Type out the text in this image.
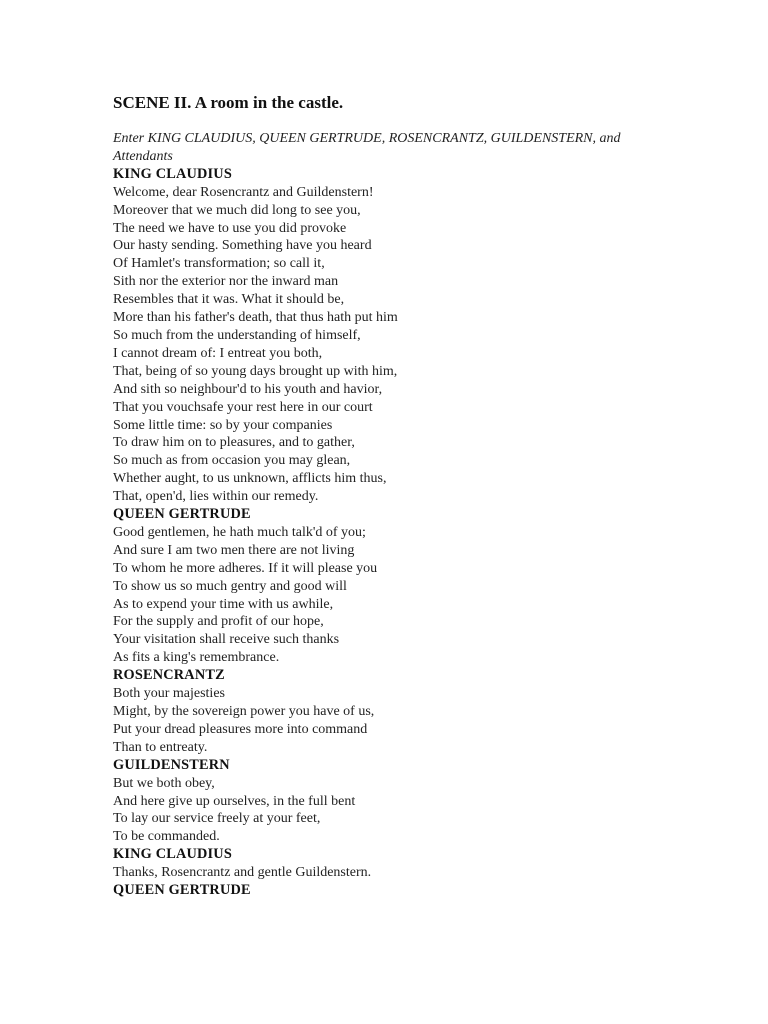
SCENE II. A room in the castle.

Enter KING CLAUDIUS, QUEEN GERTRUDE, ROSENCRANTZ, GUILDENSTERN, and Attendants

KING CLAUDIUS
Welcome, dear Rosencrantz and Guildenstern!
Moreover that we much did long to see you,
The need we have to use you did provoke
Our hasty sending. Something have you heard
Of Hamlet's transformation; so call it,
Sith nor the exterior nor the inward man
Resembles that it was. What it should be,
More than his father's death, that thus hath put him
So much from the understanding of himself,
I cannot dream of: I entreat you both,
That, being of so young days brought up with him,
And sith so neighbour'd to his youth and havior,
That you vouchsafe your rest here in our court
Some little time: so by your companies
To draw him on to pleasures, and to gather,
So much as from occasion you may glean,
Whether aught, to us unknown, afflicts him thus,
That, open'd, lies within our remedy.
QUEEN GERTRUDE
Good gentlemen, he hath much talk'd of you;
And sure I am two men there are not living
To whom he more adheres. If it will please you
To show us so much gentry and good will
As to expend your time with us awhile,
For the supply and profit of our hope,
Your visitation shall receive such thanks
As fits a king's remembrance.
ROSENCRANTZ
Both your majesties
Might, by the sovereign power you have of us,
Put your dread pleasures more into command
Than to entreaty.
GUILDENSTERN
But we both obey,
And here give up ourselves, in the full bent
To lay our service freely at your feet,
To be commanded.
KING CLAUDIUS
Thanks, Rosencrantz and gentle Guildenstern.
QUEEN GERTRUDE
